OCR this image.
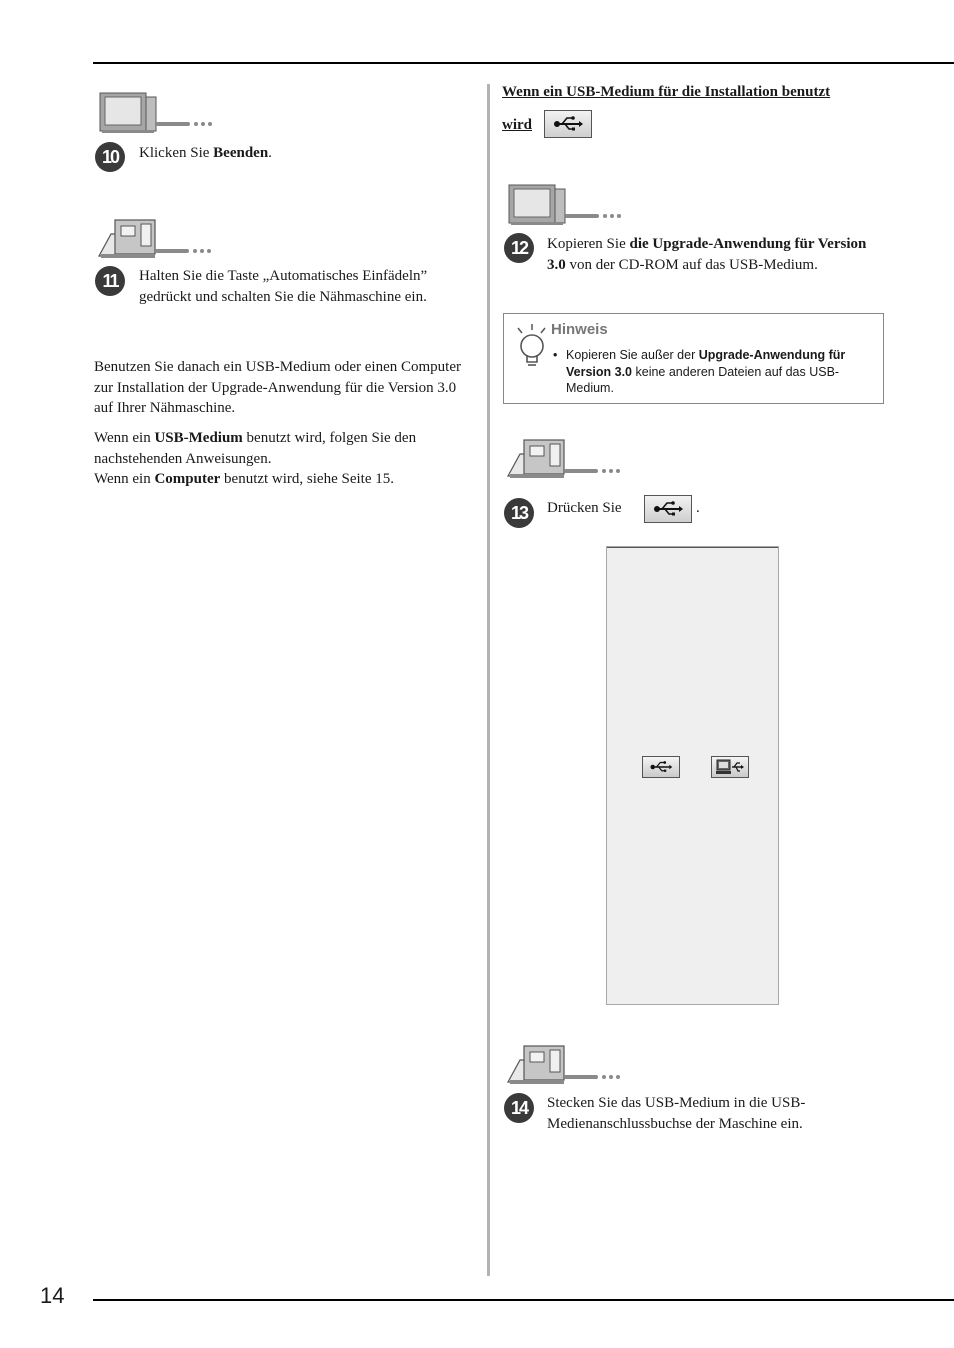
10	Klicken Sie Beenden.
11	Halten Sie die Taste „Automatisches Einfädeln” gedrückt und schalten Sie die Nähmaschine ein.
Benutzen Sie danach ein USB-Medium oder einen Computer zur Installation der Upgrade-Anwendung für die Version 3.0 auf Ihrer Nähmaschine.
Wenn ein USB-Medium benutzt wird, folgen Sie den nachstehenden Anweisungen.
Wenn ein Computer benutzt wird, siehe Seite 15.
Wenn ein USB-Medium für die Installation benutzt
wird
12	Kopieren Sie die Upgrade-Anwendung für Version 3.0 von der CD-ROM auf das USB-Medium.
Hinweis
• Kopieren Sie außer der Upgrade-Anwendung für Version 3.0 keine anderen Dateien auf das USB-Medium.
13	Drücken Sie	.
14	Stecken Sie das USB-Medium in die USB-Medienanschlussbuchse der Maschine ein.
14
